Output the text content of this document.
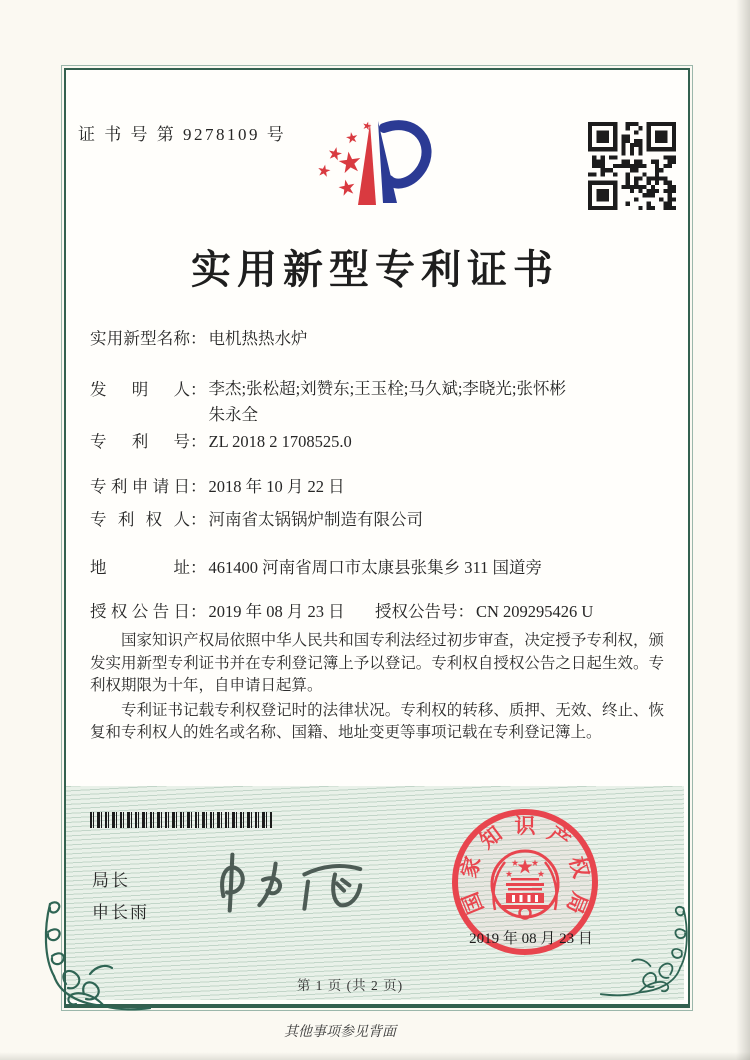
证 书 号 第 9278109 号
实用新型专利证书
实用新型名称： 电机热热水炉
发明人： 李杰;张松超;刘赞东;王玉栓;马久斌;李晓光;张怀彬
朱永全
专利号： ZL 2018 2 1708525.0
专利申请日： 2018 年 10 月 22 日
专利权人： 河南省太锅锅炉制造有限公司
地址： 461400 河南省周口市太康县张集乡 311 国道旁
授权公告日： 2019 年 08 月 23 日 授权公告号： CN 209295426 U

国家知识产权局依照中华人民共和国专利法经过初步审查，决定授予专利权，颁发实用新型专利证书并在专利登记簿上予以登记。专利权自授权公告之日起生效。专利权期限为十年，自申请日起算。

专利证书记载专利权登记时的法律状况。专利权的转移、质押、无效、终止、恢复和专利权人的姓名或名称、国籍、地址变更等事项记载在专利登记簿上。

局长
申长雨	国
家
知 识 产
权
局
2019 年 08 月 23 日
第 1 页 (共 2 页)
其他事项参见背面
